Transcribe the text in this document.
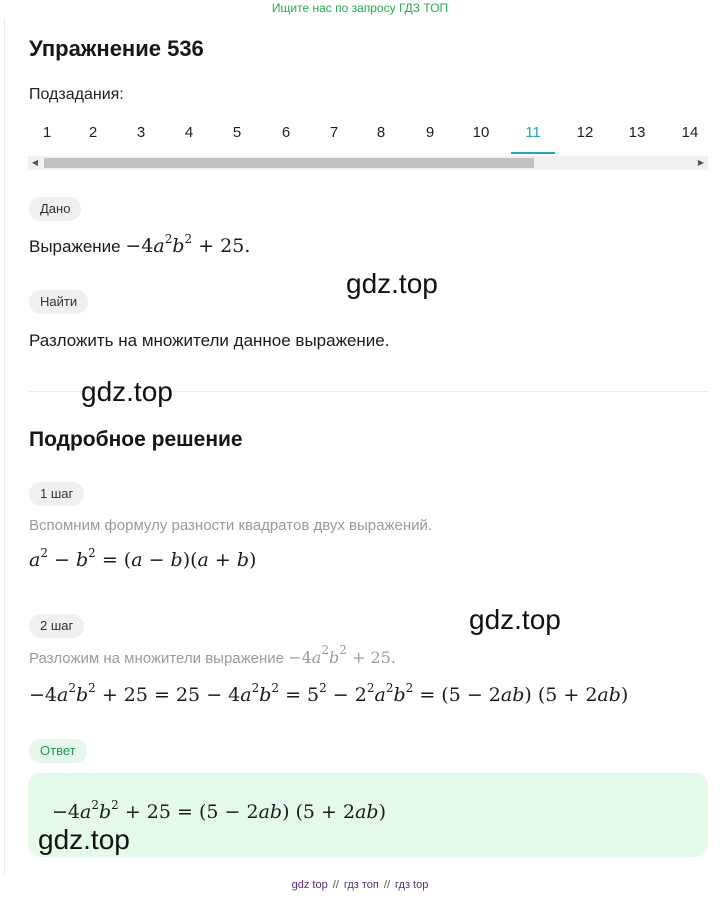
Ищите нас по запросу ГДЗ ТОП
Упражнение 536
Подзадания:
1	2	3	4	5	6	7	8	9	10	11	12	13	14
◀	▶
Дано
Выражение $-4a^2b^2 + 25$.
Найти
Разложить на множители данное выражение.
Подробное решение
1 шаг
Вспомним формулу разности квадратов двух выражений.
$a^2 - b^2 = (a - b)(a + b)$
2 шаг
Разложим на множители выражение $-4a^2b^2 + 25$.
$-4a^2b^2 + 25 = 25 - 4a^2b^2 = 5^2 - 2^2a^2b^2 = (5 - 2ab) (5 + 2ab)$
Ответ
$-4a^2b^2 + 25 = (5 - 2ab) (5 + 2ab)$
gdz.top
gdz.top
gdz.top
gdz.top
gdz top // гдз топ // гдз top
